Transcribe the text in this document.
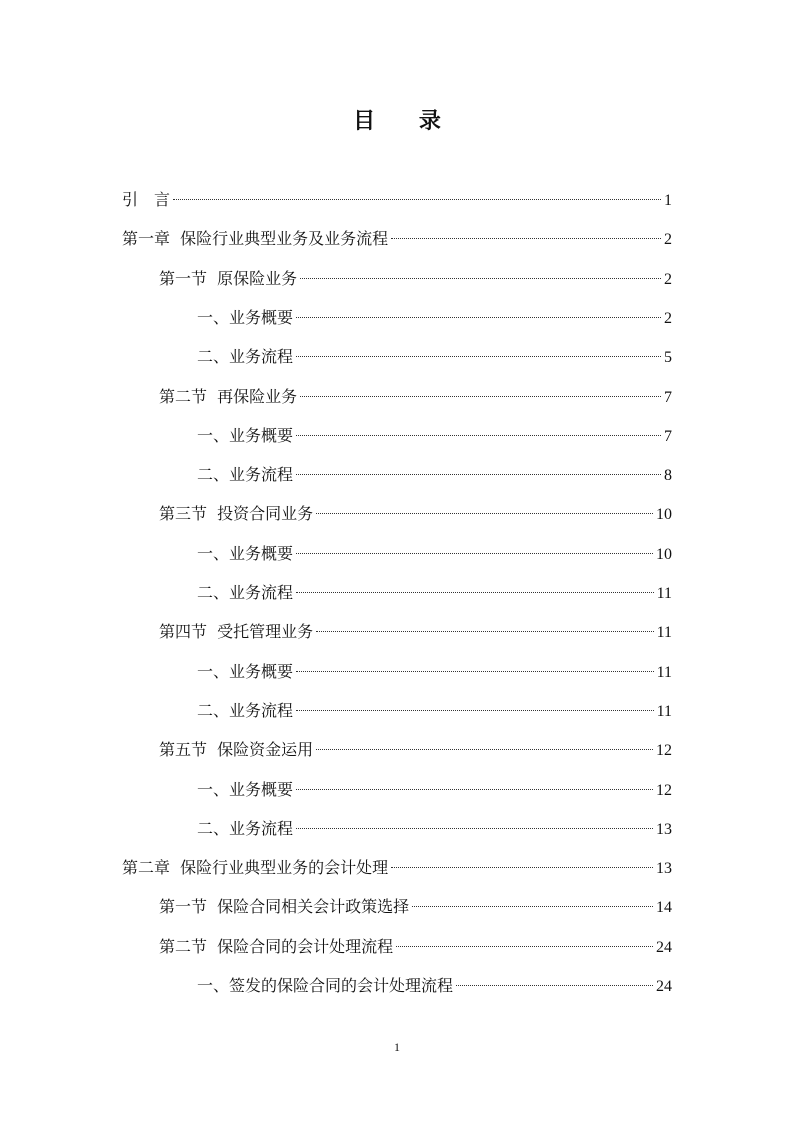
目 录
引　言	1
第一章  保险行业典型业务及业务流程	2
第一节  原保险业务	2
一、业务概要	2
二、业务流程	5
第二节  再保险业务	7
一、业务概要	7
二、业务流程	8
第三节  投资合同业务	10
一、业务概要	10
二、业务流程	11
第四节  受托管理业务	11
一、业务概要	11
二、业务流程	11
第五节  保险资金运用	12
一、业务概要	12
二、业务流程	13
第二章  保险行业典型业务的会计处理	13
第一节  保险合同相关会计政策选择	14
第二节  保险合同的会计处理流程	24
一、签发的保险合同的会计处理流程	24
1
